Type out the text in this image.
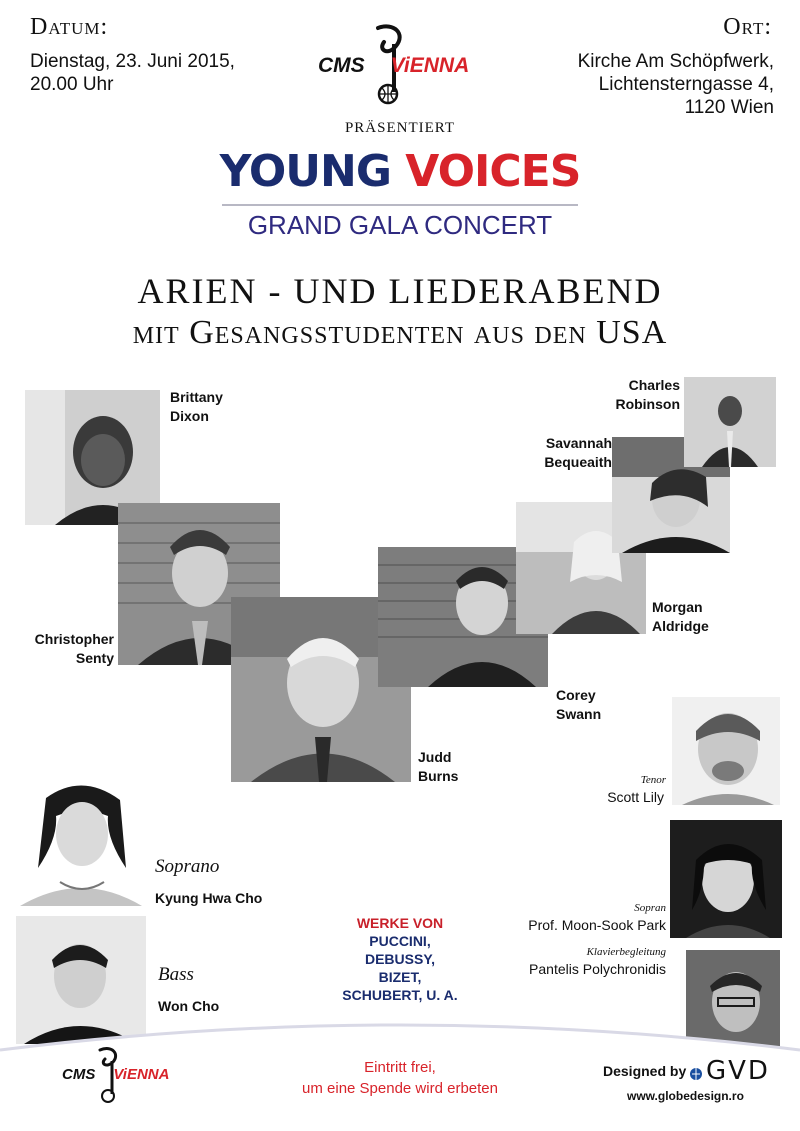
Datum:
Dienstag, 23. Juni 2015,
20.00 Uhr
Ort:
Kirche Am Schöpfwerk,
Lichtensterngasse 4,
1120 Wien
CMS ViENNA
präsentiert
YOUNG VOICES
GRAND GALA CONCERT
ARIEN - UND LIEDERABEND
mit Gesangsstudenten aus den USA
Brittany
Dixon
Christopher
Senty
Judd
Burns
Corey
Swann
Morgan
Aldridge
Savannah
Bequeaith
Charles
Robinson
Tenor
Scott Lily
Sopran
Prof. Moon-Sook Park
Klavierbegleitung
Pantelis Polychronidis
Soprano
Kyung Hwa Cho
Bass
Won Cho
WERKE VON
PUCCINI,
DEBUSSY,
BIZET,
SCHUBERT, U. A.
CMS ViENNA	Eintritt frei,
um eine Spende wird erbeten
Designed by GVD
www.globedesign.ro
